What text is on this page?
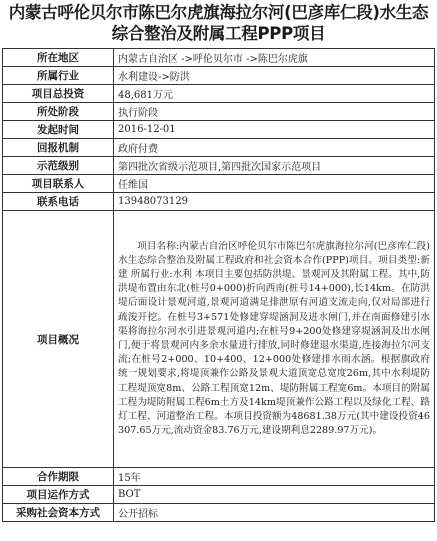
内蒙古呼伦贝尔市陈巴尔虎旗海拉尔河(巴彦库仁段)水生态综合整治及附属工程PPP项目
所在地区	内蒙古自治区 ->呼伦贝尔市 ->陈巴尔虎旗
所属行业	水利建设->防洪
项目总投资	48,681万元
所处阶段	执行阶段
发起时间	2016-12-01
回报机制	政府付费
示范级别	第四批次省级示范项目,第四批次国家示范项目
项目联系人	任维国
联系电话	13948073129
项目概况	项目名称:内蒙古自治区呼伦贝尔市陈巴尔虎旗海拉尔河(巴彦库仁段)水生态综合整治及附属工程政府和社会资本合作(PPP)项目。项目类型:新建 所属行业:水利 本项目主要包括防洪堤、景观河及其附属工程。其中,防洪堤布置由东北(桩号0+000)折向西南(桩号14+000),长14km。在防洪堤后面设计景观河道,景观河道满足排泄原有河道支流走向,仅对局部进行疏浚开挖。在桩号3+571处修建穿堤涵洞及进水闸门,并在南面修建引水渠将海拉尔河水引进景观河道内;在桩号9+200处修建穿堤涵洞及出水闸门,便于将景观河内多余水量进行排放,同时修建退水渠道,连接海拉尔河支流;在桩号2+000、10+400、12+000处修建排水雨水涵。根据旗政府统一规划要求,将堤顶兼作公路及景观大道顶宽总宽度26m,其中水利堤防工程堤顶宽8m、公路工程顶宽12m、堤防附属工程宽6m。本项目的附属工程为堤防附属工程6m土方及14km堤顶兼作公路工程以及绿化工程、路灯工程、河道整治工程。本项目投资额为48681.38万元(其中建设投资46307.65万元,流动资金83.76万元,建设期利息2289.97万元)。
合作期限	15年
项目运作方式	BOT
采购社会资本方式	公开招标
